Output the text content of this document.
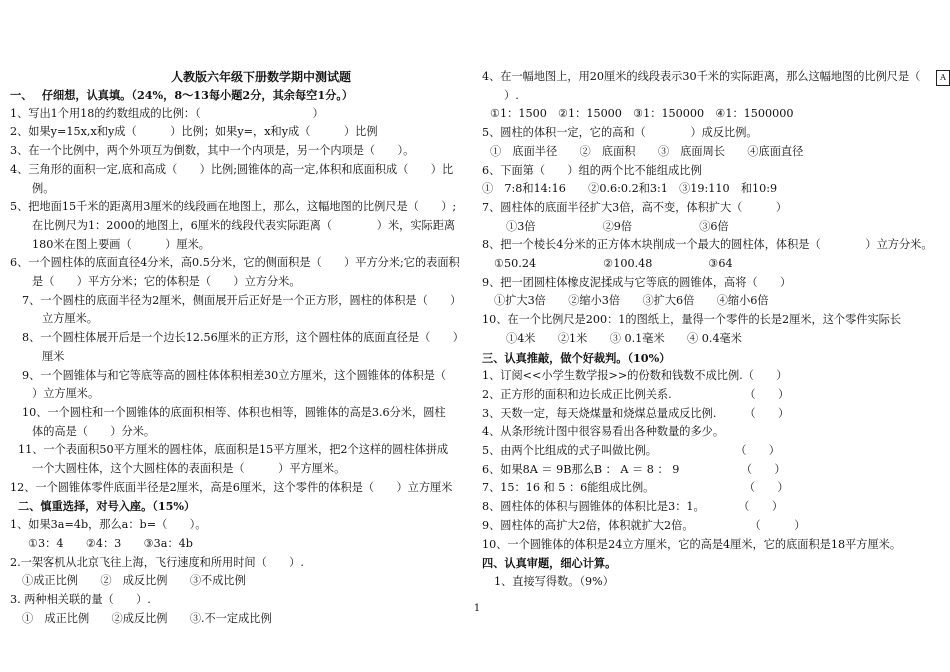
人教版六年级下册数学期中测试题
一、　 仔细想，认真填。（24%，8～13每小题2分，其余每空1分。）
1、写出1个用18的约数组成的比例：（　　　　　　　　　　）
2、如果y=15x,x和y成（　　　）比例；如果y=，x和y成（　　　）比例
3、在一个比例中，两个外项互为倒数，其中一个内项是，另一个内项是（　　）。
4、三角形的面积一定,底和高成（　　）比例;圆锥体的高一定,体积和底面积成（　　）比
例。
5、把地面15千米的距离用3厘米的线段画在地图上，那么，这幅地图的比例尺是（　　）;
在比例尺为1：2000的地图上，6厘米的线段代表实际距离（　　　　）米，实际距离
180米在图上要画（　　　）厘米。
6、一个圆柱体的底面直径4分米，高0.5分米，它的侧面积是（　　）平方分米;它的表面积
是（　　）平方分米；它的体积是（　　）立方分米。
7、一个圆柱的底面半径为2厘米，侧面展开后正好是一个正方形，圆柱的体积是（　　）
立方厘米。
8、一个圆柱体展开后是一个边长12.56厘米的正方形，这个圆柱体的底面直径是（　　）
厘米
9、一个圆锥体与和它等底等高的圆柱体体积相差30立方厘米，这个圆锥体的体积是（
）立方厘米。
10、一个圆柱和一个圆锥体的底面积相等、体积也相等，圆锥体的高是3.6分米，圆柱
体的高是（　　）分米。
11、一个表面积50平方厘米的圆柱体，底面积是15平方厘米，把2个这样的圆柱体拼成
一个大圆柱体，这个大圆柱体的表面积是（　　　）平方厘米。
12、一个圆锥体零件底面半径是2厘米，高是6厘米，这个零件的体积是（　　）立方厘米
二、慎重选择，对号入座。（15%）
1、如果3a=4b，那么a：b=（　　）。
①3：4　　②4：3　　③3a：4b
2.一架客机从北京飞往上海，飞行速度和所用时间（　　）.
①成正比例　　②　成反比例　　③不成比例
3. 两种相关联的量（　　）.
①　成正比例　　②成反比例　　③.不一定成比例
4、在一幅地图上，用20厘米的线段表示30千米的实际距离，那么这幅地图的比例尺是（
）.
①1：1500　②1：15000　③1：150000　④1：1500000
5、圆柱的体积一定，它的高和（　　　　）成反比例。
①　底面半径　　②　底面积　　③　底面周长　　④底面直径
6、下面第（　　）组的两个比不能组成比例
①　7:8和14:16　　②0.6:0.2和3:1　③19:110　和10:9
7、圆柱体的底面半径扩大3倍，高不变，体积扩大（　　　）
①3倍　　　　　　②9倍　　　　　　③6倍
8、把一个棱长4分米的正方体木块削成一个最大的圆柱体，体积是（　　　　）立方分米。
①50.24　　　　　　②100.48　　　　　③64
9、把一团圆柱体橡皮泥揉成与它等底的圆锥体，高将（　　）
①扩大3倍　　②缩小3倍　　③扩大6倍　　④缩小6倍
10、在一个比例尺是200：1的图纸上，量得一个零件的长是2厘米，这个零件实际长
①4米　　②1米　　③ 0.1毫米　　④ 0.4毫米
三、认真推敲，做个好裁判。（10%）
1、订阅<<小学生数学报>>的份数和钱数不成比例.（　　）
2、正方形的面积和边长成正比例关系.　　　　　　　（　　）
3、天数一定，每天烧煤量和烧煤总量成反比例.　　　（　　）
4、从条形统计图中很容易看出各种数量的多少。
5、由两个比组成的式子叫做比例。　　　　　　　　（　　）
6、如果8A ＝ 9B那么B ： A ＝ 8 ： 9　　　　　　（　　）
7、15：16 和 5 ：6能组成比例。　　　　　　　　　（　　）
8、圆柱体的体积与圆锥体的体积比是3：1。　　　　（　　）
9、圆柱体的高扩大2倍，体积就扩大2倍。　　　　　　（　　　）
10、一个圆锥体的体积是24立方厘米，它的高是4厘米，它的底面积是18平方厘米。
四、认真审题，细心计算。
1、直接写得数。（9%）
1
A
